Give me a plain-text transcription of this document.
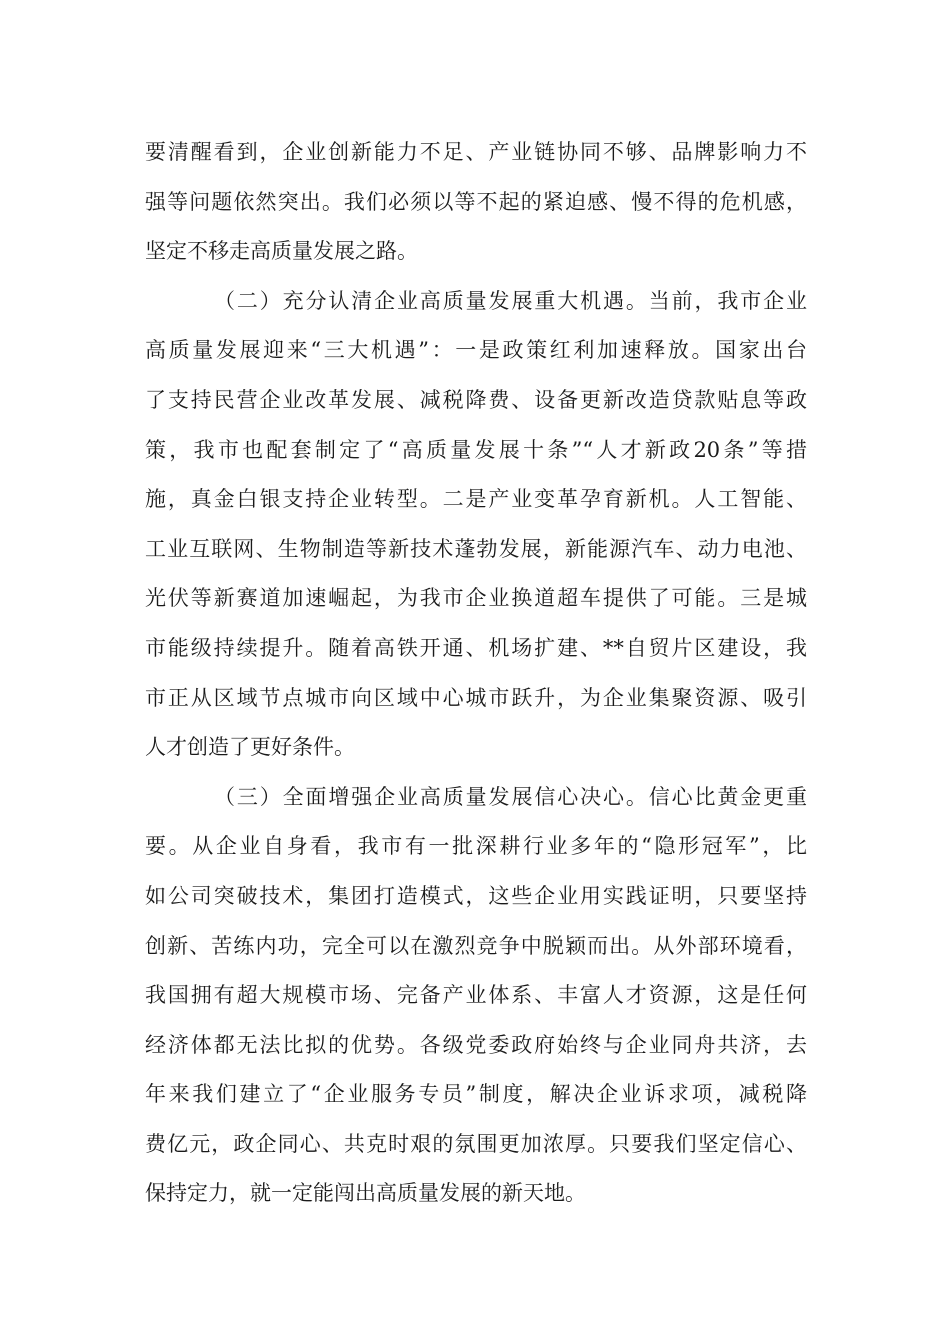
要清醒看到，企业创新能力不足、产业链协同不够、品牌影响力不
强等问题依然突出。我们必须以等不起的紧迫感、慢不得的危机感，
坚定不移走高质量发展之路。
（二）充分认清企业高质量发展重大机遇。当前，我市企业
高质量发展迎来“三大机遇”：一是政策红利加速释放。国家出台
了支持民营企业改革发展、减税降费、设备更新改造贷款贴息等政
策，我市也配套制定了“高质量发展十条”“人才新政20条”等措
施，真金白银支持企业转型。二是产业变革孕育新机。人工智能、
工业互联网、生物制造等新技术蓬勃发展，新能源汽车、动力电池、
光伏等新赛道加速崛起，为我市企业换道超车提供了可能。三是城
市能级持续提升。随着高铁开通、机场扩建、**自贸片区建设，我
市正从区域节点城市向区域中心城市跃升，为企业集聚资源、吸引
人才创造了更好条件。
（三）全面增强企业高质量发展信心决心。信心比黄金更重
要。从企业自身看，我市有一批深耕行业多年的“隐形冠军”，比
如公司突破技术，集团打造模式，这些企业用实践证明，只要坚持
创新、苦练内功，完全可以在激烈竞争中脱颖而出。从外部环境看，
我国拥有超大规模市场、完备产业体系、丰富人才资源，这是任何
经济体都无法比拟的优势。各级党委政府始终与企业同舟共济，去
年来我们建立了“企业服务专员”制度，解决企业诉求项，减税降
费亿元，政企同心、共克时艰的氛围更加浓厚。只要我们坚定信心、
保持定力，就一定能闯出高质量发展的新天地。
